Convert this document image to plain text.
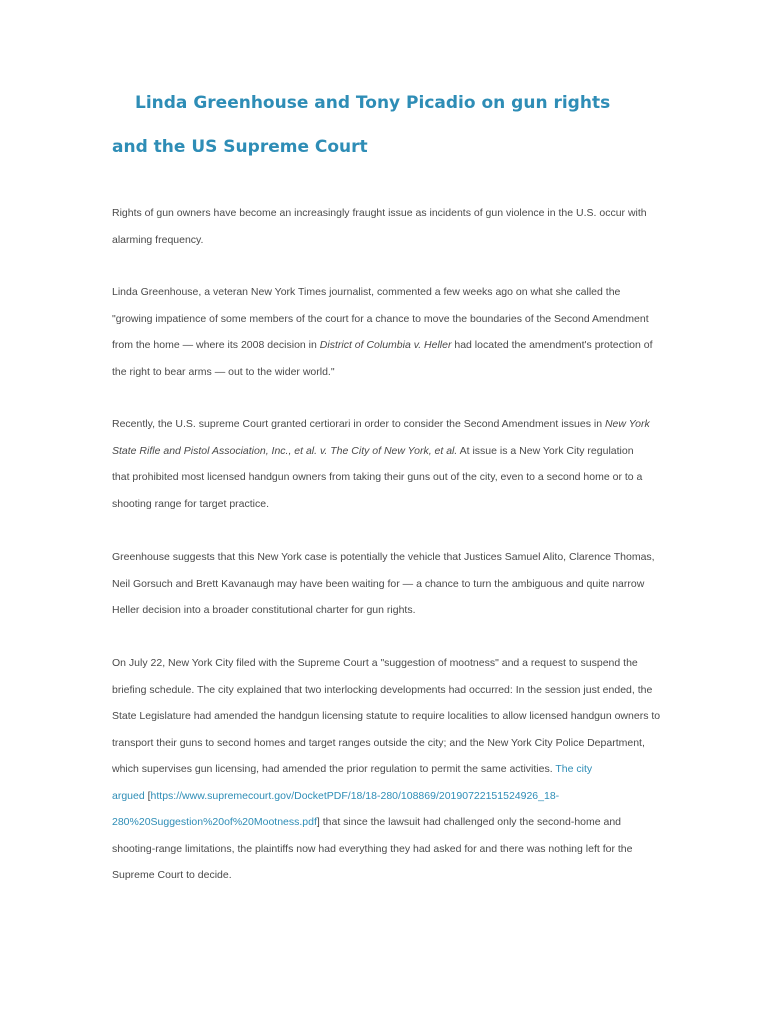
Linda Greenhouse and Tony Picadio on gun rights
and the US Supreme Court

Rights of gun owners have become an increasingly fraught issue as incidents of gun violence in the U.S. occur with
alarming frequency.

Linda Greenhouse, a veteran New York Times journalist, commented a few weeks ago on what she called the
"growing impatience of some members of the court for a chance to move the boundaries of the Second Amendment
from the home — where its 2008 decision in District of Columbia v. Heller had located the amendment's protection of
the right to bear arms — out to the wider world."

Recently, the U.S. supreme Court granted certiorari in order to consider the Second Amendment issues in New York
State Rifle and Pistol Association, Inc., et al. v. The City of New York, et al. At issue is a New York City regulation
that prohibited most licensed handgun owners from taking their guns out of the city, even to a second home or to a
shooting range for target practice.

Greenhouse suggests that this New York case is potentially the vehicle that Justices Samuel Alito, Clarence Thomas,
Neil Gorsuch and Brett Kavanaugh may have been waiting for — a chance to turn the ambiguous and quite narrow
Heller decision into a broader constitutional charter for gun rights.

On July 22, New York City filed with the Supreme Court a "suggestion of mootness" and a request to suspend the
briefing schedule. The city explained that two interlocking developments had occurred: In the session just ended, the
State Legislature had amended the handgun licensing statute to require localities to allow licensed handgun owners to
transport their guns to second homes and target ranges outside the city; and the New York City Police Department,
which supervises gun licensing, had amended the prior regulation to permit the same activities. The city
argued [https://www.supremecourt.gov/DocketPDF/18/18-280/108869/20190722151524926_18-
280%20Suggestion%20of%20Mootness.pdf] that since the lawsuit had challenged only the second-home and
shooting-range limitations, the plaintiffs now had everything they had asked for and there was nothing left for the
Supreme Court to decide.
